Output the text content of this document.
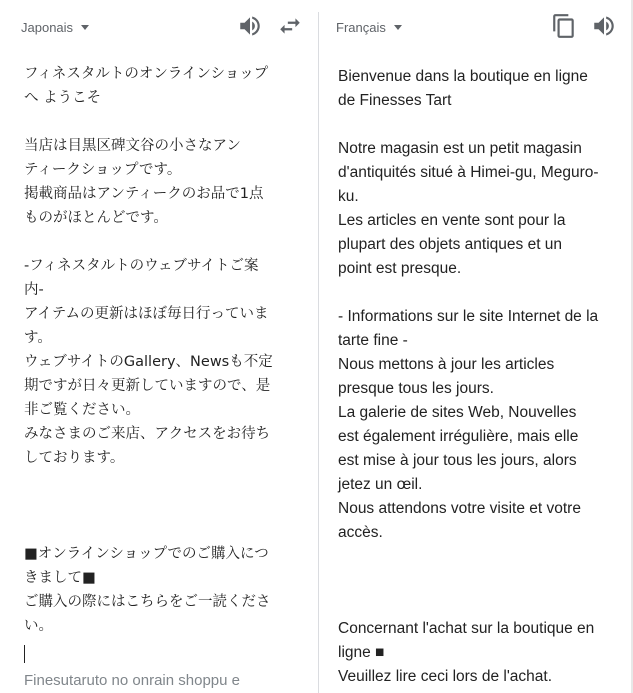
Japonais

フィネスタルトのオンラインショップ
へ ようこそ

当店は目黒区碑文谷の小さなアン
ティークショップです。
掲載商品はアンティークのお品で1点
ものがほとんどです。

-フィネスタルトのウェブサイトご案
内-
アイテムの更新はほぼ毎日行っていま
す。
ウェブサイトのGallery、Newsも不定
期ですが日々更新していますので、是
非ご覧ください。
みなさまのご来店、アクセスをお待ち
しております。

■オンラインショップでのご購入につ
きまして■
ご購入の際にはこちらをご一読くださ
い。

Finesutaruto no onrain shoppu e
Français

Bienvenue dans la boutique en ligne
de Finesses Tart

Notre magasin est un petit magasin
d'antiquités situé à Himei-gu, Meguro-
ku.
Les articles en vente sont pour la
plupart des objets antiques et un
point est presque.

- Informations sur le site Internet de la
tarte fine -
Nous mettons à jour les articles
presque tous les jours.
La galerie de sites Web, Nouvelles
est également irrégulière, mais elle
est mise à jour tous les jours, alors
jetez un œil.
Nous attendons votre visite et votre
accès.

Concernant l'achat sur la boutique en
ligne ■
Veuillez lire ceci lors de l'achat.
